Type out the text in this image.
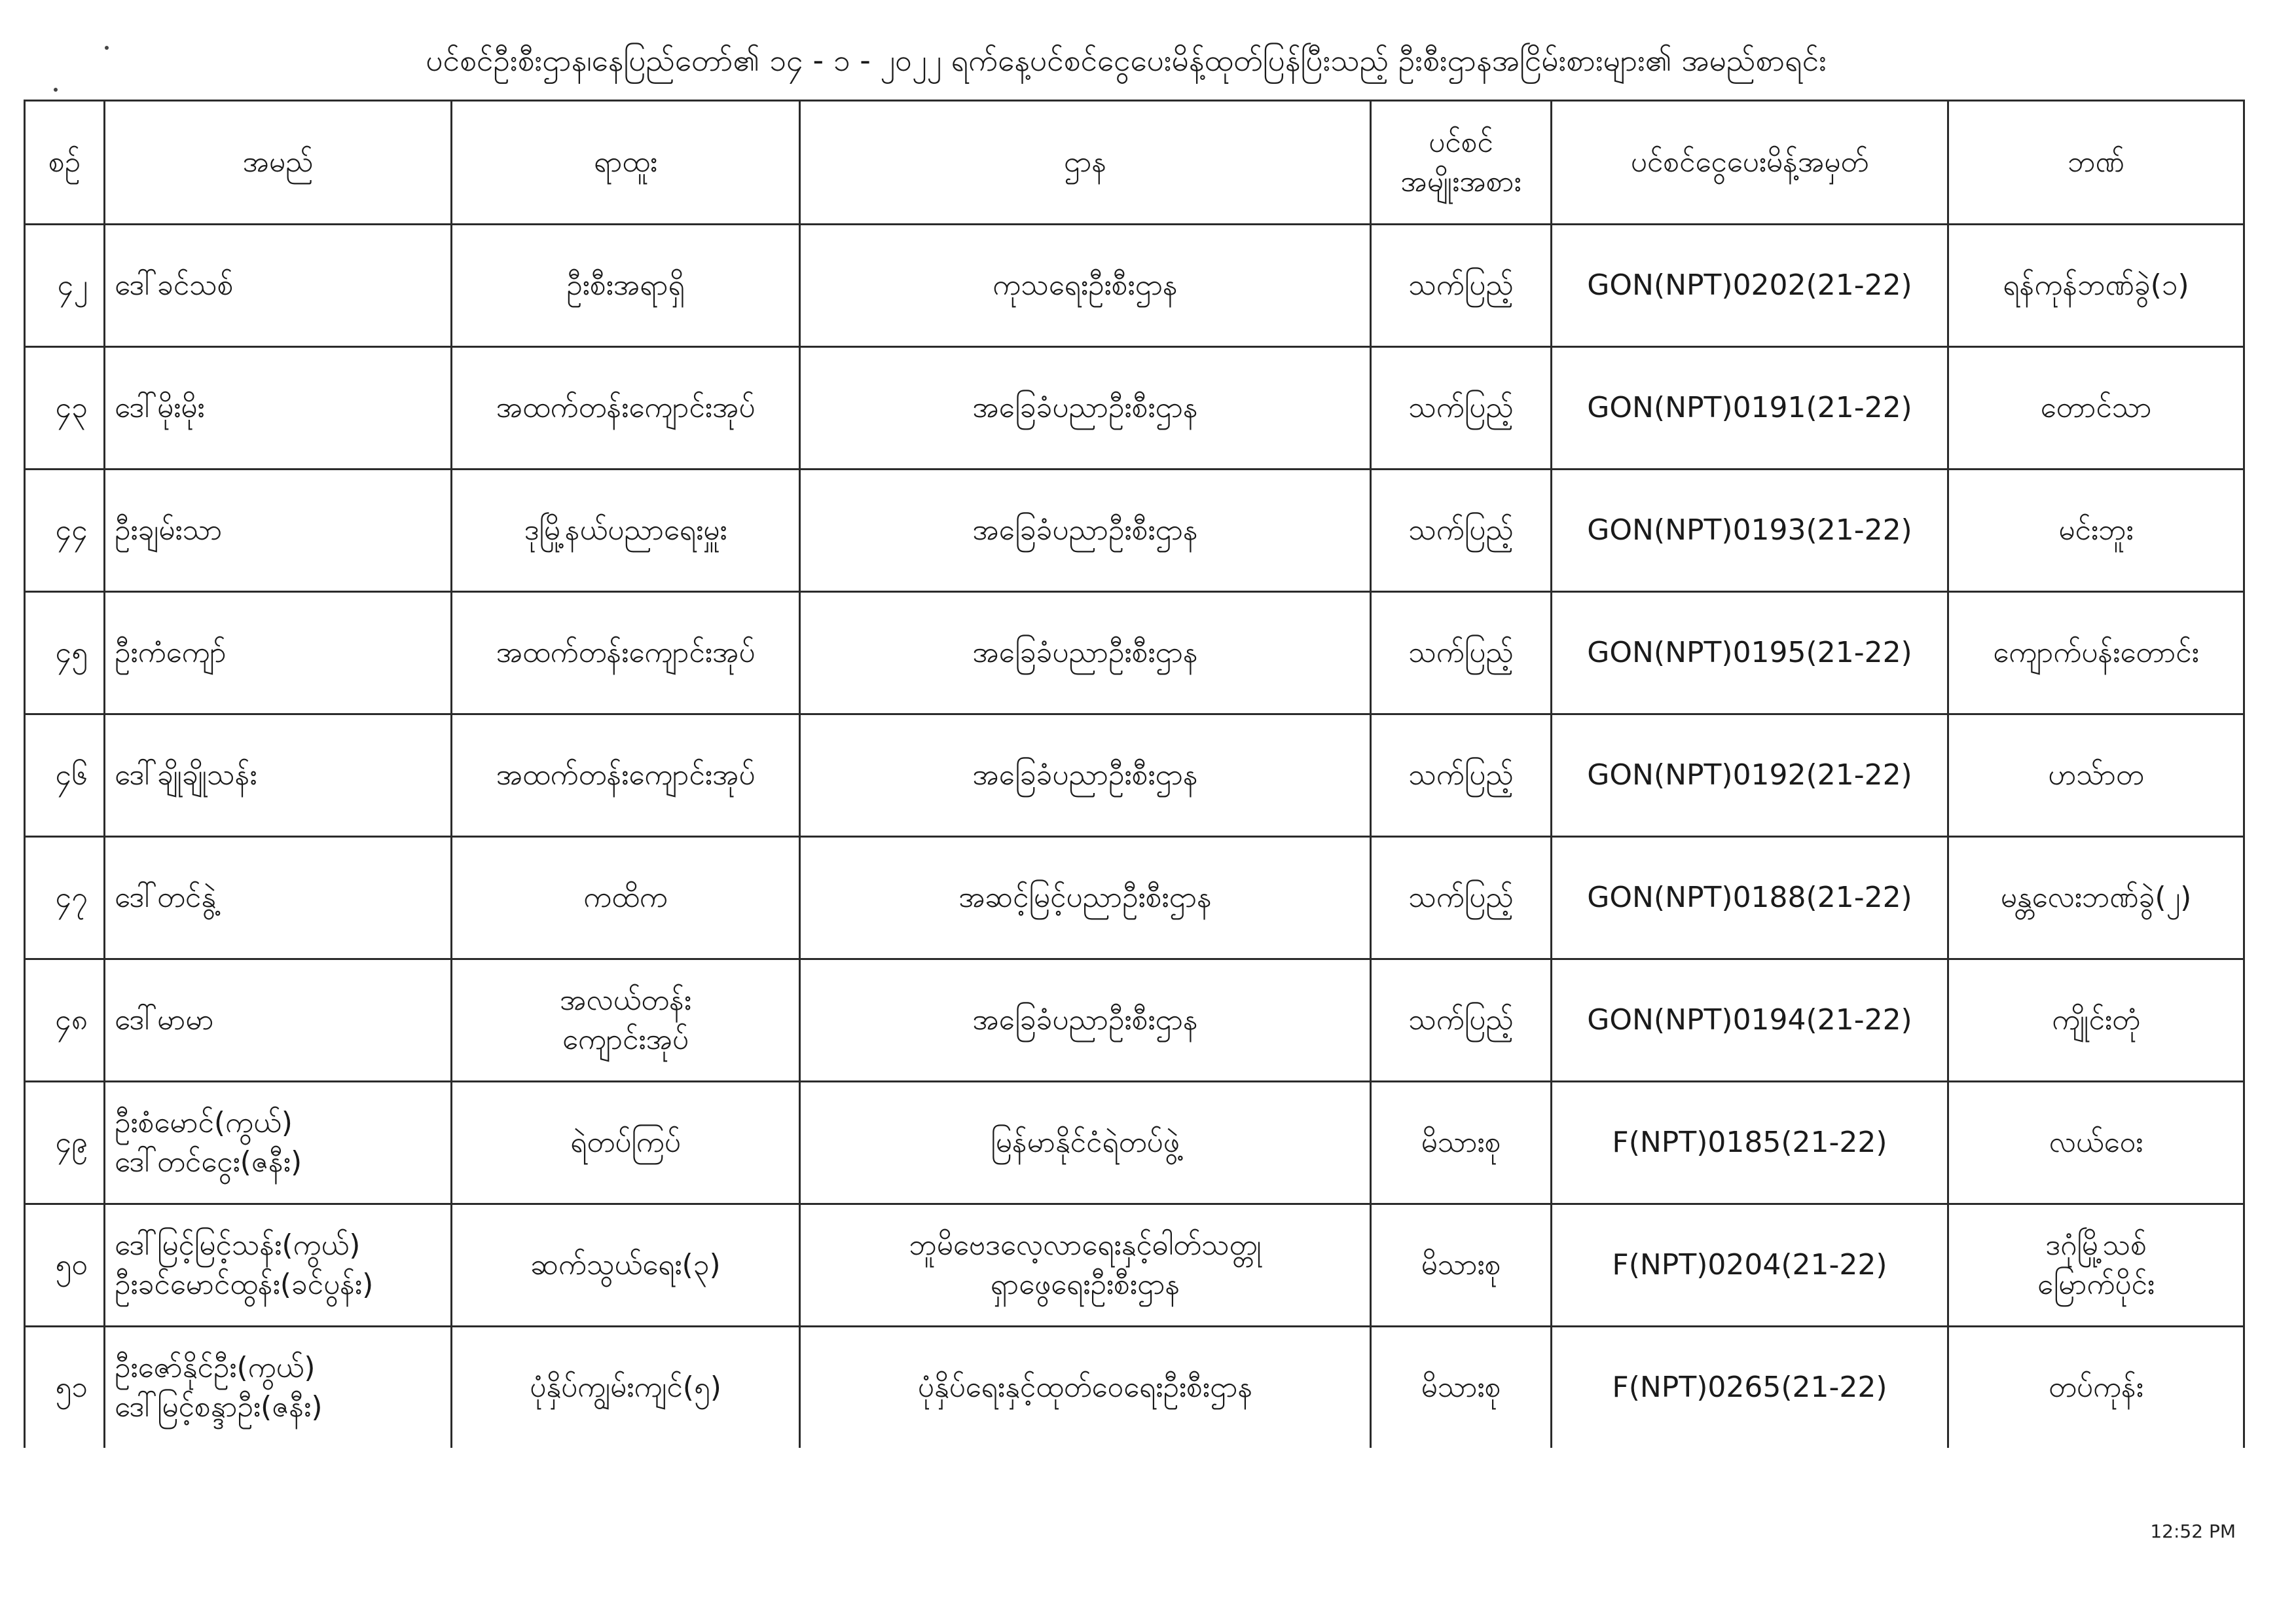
ပင်စင်ဦးစီးဌာန၊နေပြည်တော်၏ ၁၄ - ၁ - ၂၀၂၂ ရက်နေ့ပင်စင်ငွေပေးမိန့်ထုတ်ပြန်ပြီးသည့် ဦးစီးဌာနအငြိမ်းစားများ၏ အမည်စာရင်း
စဉ်	အမည်	ရာထူး	ဌာန	ပင်စင်
အမျိုးအစား	ပင်စင်ငွေပေးမိန့်အမှတ်	ဘဏ်

၄၂	ဒေါ်ခင်သစ်	ဦးစီးအရာရှိ	ကုသရေးဦးစီးဌာန	သက်ပြည့်	GON(NPT)0202(21-22)	ရန်ကုန်ဘဏ်ခွဲ(၁)

၄၃	ဒေါ်မိုးမိုး	အထက်တန်းကျောင်းအုပ်	အခြေခံပညာဦးစီးဌာန	သက်ပြည့်	GON(NPT)0191(21-22)	တောင်သာ

၄၄	ဦးချမ်းသာ	ဒုမြို့နယ်ပညာရေးမှူး	အခြေခံပညာဦးစီးဌာန	သက်ပြည့်	GON(NPT)0193(21-22)	မင်းဘူး

၄၅	ဦးကံကျော်	အထက်တန်းကျောင်းအုပ်	အခြေခံပညာဦးစီးဌာန	သက်ပြည့်	GON(NPT)0195(21-22)	ကျောက်ပန်းတောင်း

၄၆	ဒေါ်ချိုချိုသန်း	အထက်တန်းကျောင်းအုပ်	အခြေခံပညာဦးစီးဌာန	သက်ပြည့်	GON(NPT)0192(21-22)	ဟသ်ာတ

၄၇	ဒေါ်တင်နွဲ့	ကထိက	အဆင့်မြင့်ပညာဦးစီးဌာန	သက်ပြည့်	GON(NPT)0188(21-22)	မန္တလေးဘဏ်ခွဲ(၂)

၄၈	ဒေါ်မာမာ	အလယ်တန်း
ကျောင်းအုပ်	အခြေခံပညာဦးစီးဌာန	သက်ပြည့်	GON(NPT)0194(21-22)	ကျိုင်းတုံ

၄၉	ဦးစံမောင်(ကွယ်)
ဒေါ်တင်ငွေး(ဇနီး)	ရဲတပ်ကြပ်	မြန်မာနိုင်ငံရဲတပ်ဖွဲ့	မိသားစု	F(NPT)0185(21-22)	လယ်ဝေး

၅၀	ဒေါ်မြင့်မြင့်သန်း(ကွယ်)
ဦးခင်မောင်ထွန်း(ခင်ပွန်း)	ဆက်သွယ်ရေး(၃)	ဘူမိဗေဒလေ့လာရေးနှင့်ဓါတ်သတ္တု
ရှာဖွေရေးဦးစီးဌာန	မိသားစု	F(NPT)0204(21-22)	ဒဂုံမြို့သစ်
မြောက်ပိုင်း

၅၁	ဦးဇော်နိုင်ဦး(ကွယ်)
ဒေါ်မြင့်စန္ဒာဦး(ဇနီး)	ပုံနှိပ်ကျွမ်းကျင်(၅)	ပုံနှိပ်ရေးနှင့်ထုတ်ဝေရေးဦးစီးဌာန	မိသားစု	F(NPT)0265(21-22)	တပ်ကုန်း
12:52 PM
